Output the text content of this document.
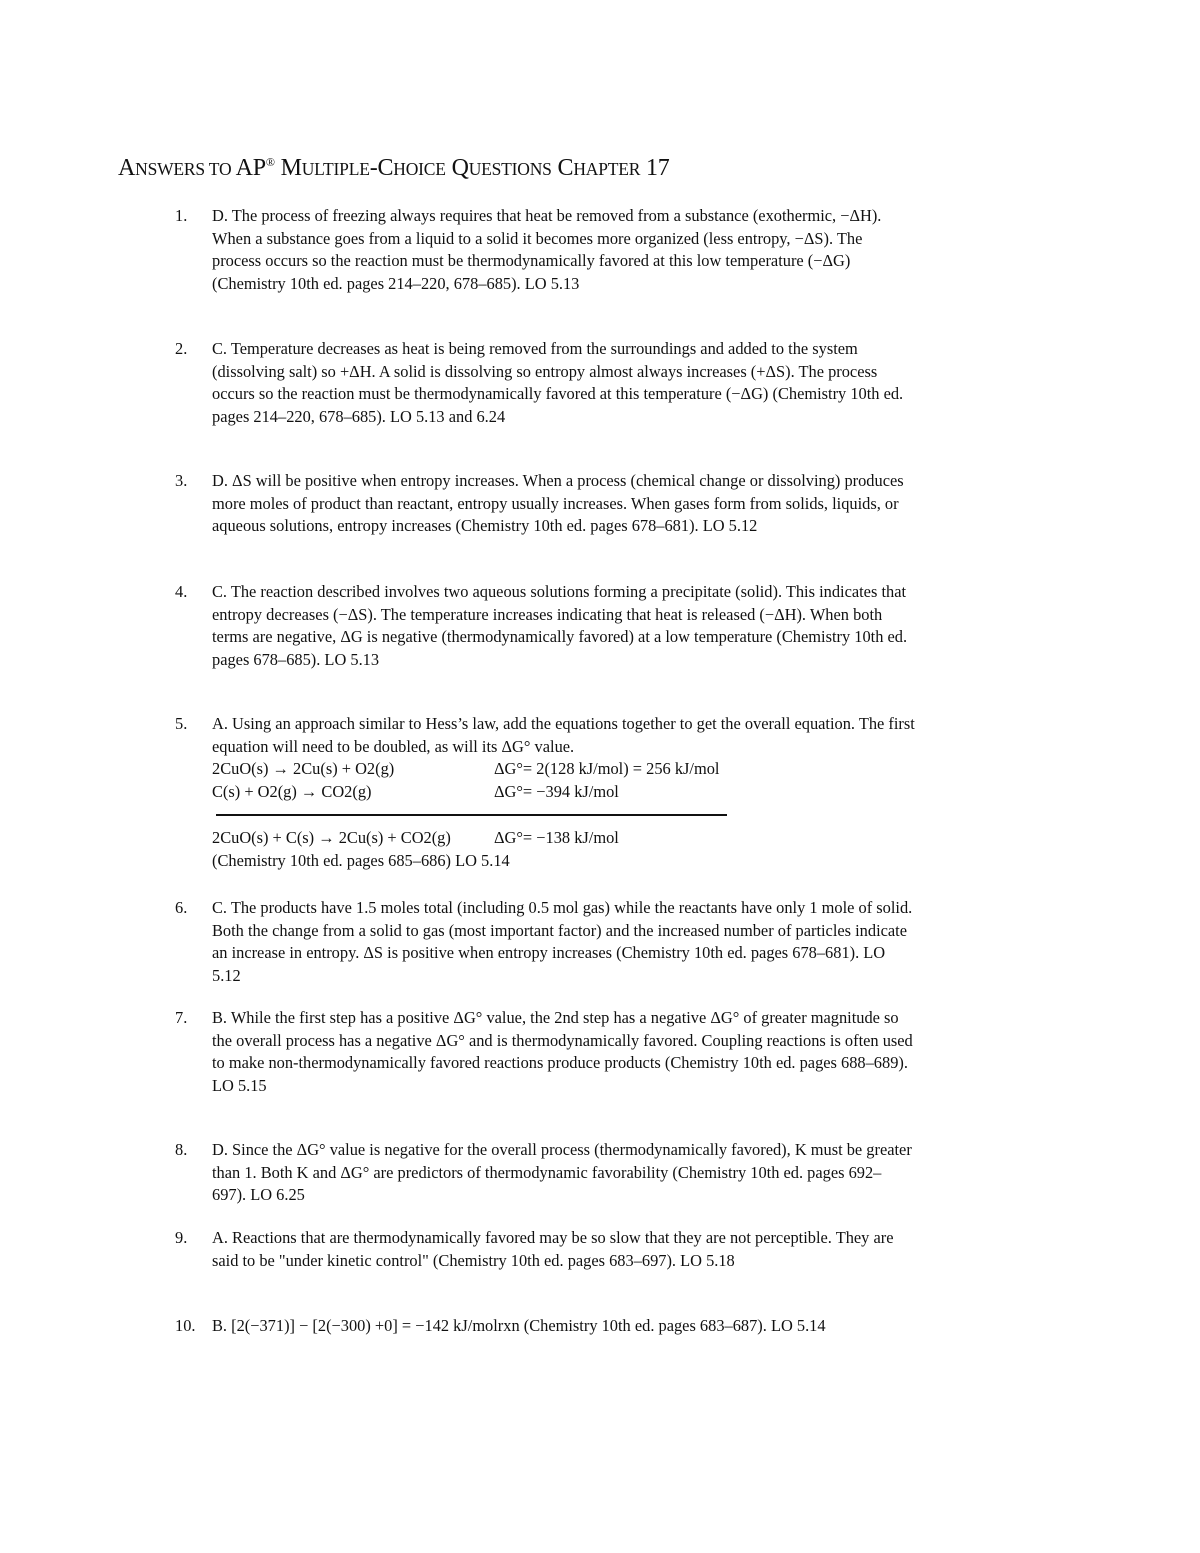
ANSWERS TO AP® MULTIPLE-CHOICE QUESTIONS CHAPTER 17
1. D. The process of freezing always requires that heat be removed from a substance (exothermic, −ΔH). When a substance goes from a liquid to a solid it becomes more organized (less entropy, −ΔS). The process occurs so the reaction must be thermodynamically favored at this low temperature (−ΔG) (Chemistry 10th ed. pages 214–220, 678–685). LO 5.13

2. C. Temperature decreases as heat is being removed from the surroundings and added to the system (dissolving salt) so +ΔH. A solid is dissolving so entropy almost always increases (+ΔS). The process occurs so the reaction must be thermodynamically favored at this temperature (−ΔG) (Chemistry 10th ed. pages 214–220, 678–685). LO 5.13 and 6.24

3. D. ΔS will be positive when entropy increases. When a process (chemical change or dissolving) produces more moles of product than reactant, entropy usually increases. When gases form from solids, liquids, or aqueous solutions, entropy increases (Chemistry 10th ed. pages 678–681). LO 5.12

4. C. The reaction described involves two aqueous solutions forming a precipitate (solid). This indicates that entropy decreases (−ΔS). The temperature increases indicating that heat is released (−ΔH). When both terms are negative, ΔG is negative (thermodynamically favored) at a low temperature (Chemistry 10th ed. pages 678–685). LO 5.13

5. A. Using an approach similar to Hess’s law, add the equations together to get the overall equation. The first equation will need to be doubled, as will its ΔG° value.

2CuO(s) → 2Cu(s) + O2(g)	ΔG°= 2(128 kJ/mol) = 256 kJ/mol
C(s) + O2(g) → CO2(g)	ΔG°= −394 kJ/mol
2CuO(s) + C(s) → 2Cu(s) + CO2(g)	ΔG°= −138 kJ/mol

(Chemistry 10th ed. pages 685–686) LO 5.14

6. C. The products have 1.5 moles total (including 0.5 mol gas) while the reactants have only 1 mole of solid. Both the change from a solid to gas (most important factor) and the increased number of particles indicate an increase in entropy. ΔS is positive when entropy increases (Chemistry 10th ed. pages 678–681). LO 5.12

7. B. While the first step has a positive ΔG° value, the 2nd step has a negative ΔG° of greater magnitude so the overall process has a negative ΔG° and is thermodynamically favored. Coupling reactions is often used to make non-thermodynamically favored reactions produce products (Chemistry 10th ed. pages 688–689). LO 5.15

8. D. Since the ΔG° value is negative for the overall process (thermodynamically favored), K must be greater than 1. Both K and ΔG° are predictors of thermodynamic favorability (Chemistry 10th ed. pages 692–697). LO 6.25

9. A. Reactions that are thermodynamically favored may be so slow that they are not perceptible. They are said to be "under kinetic control" (Chemistry 10th ed. pages 683–697). LO 5.18

10. B. [2(−371)] − [2(−300) +0] = −142 kJ/molrxn (Chemistry 10th ed. pages 683–687). LO 5.14
